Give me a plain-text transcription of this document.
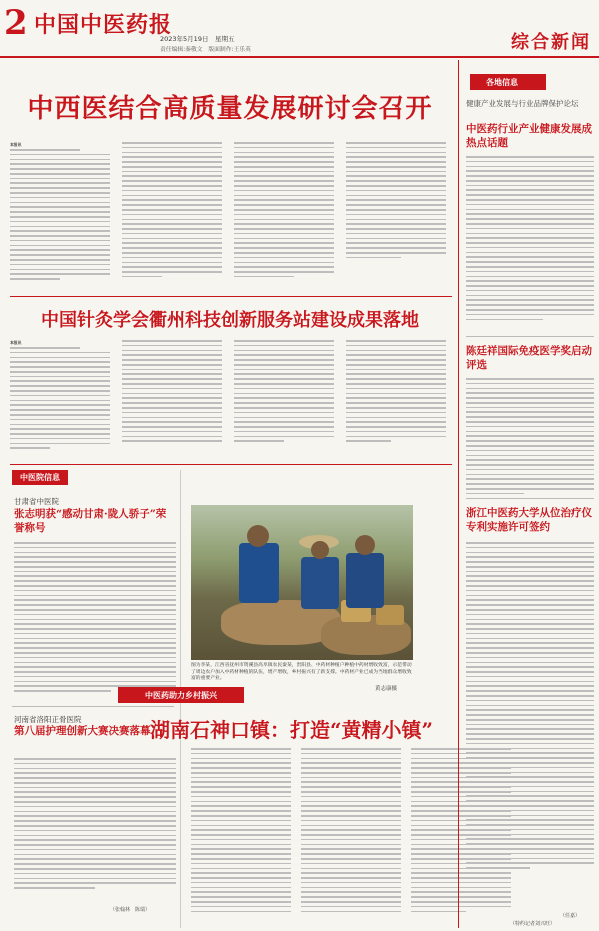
2 中国中医药报
2023年5月19日　星期五
责任编辑:秦敬文　版面制作:王乐英	综合新闻
中西医结合高质量发展研讨会召开
本报讯
中国针灸学会衢州科技创新服务站建设成果落地
本报讯
中医院信息
甘肃省中医院
张志明获“感动甘肃·陇人骄子”荣誉称号
河南省洛阳正骨医院
第八届护理创新大赛决赛落幕
（张翰林　陈瑞）
图为李某，江西省抚州市资溪县高阜镇农民秦某，贵阳县、中药材种植户种植中药材增收致富，示范带动了周边农户加入中药材种植的队伍，增产增收，乡村振兴有了新支撑。中药材产业已成为当地群众增收致富的重要产业。
黄志康摄
中医药助力乡村振兴
湖南石神口镇：打造“黄精小镇”
各地信息
健康产业发展与行业品牌保护论坛
中医药行业产业健康发展成热点话题
陈廷祥国际免疫医学奖启动评选
浙江中医药大学从位治疗仪专利实施许可签约
（任嘉）
（特约记者刘兴旺）
